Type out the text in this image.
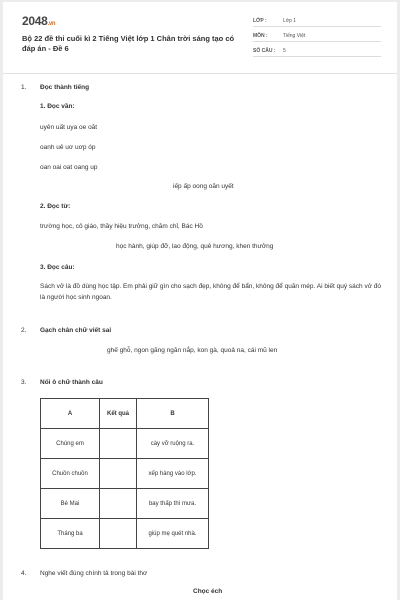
2048.vn
Bộ 22 đề thi cuối kì 2 Tiếng Việt lớp 1 Chân trời sáng tạo có đáp án - Đề 6
LỚP :	Lớp 1
MÔN :	Tiếng Việt
SỐ CÂU : 5
1. Đọc thành tiếng
1. Đọc vần:
uyên uất uya oe oăt
oanh uê uơ uơp óp
oan oai oat oang up
iếp ấp oong oăn uyết
2. Đọc từ:
trường học, cô giáo, thầy hiệu trưởng, chăm chỉ, Bác Hồ
học hành, giúp đỡ, lao động, quê hương, khen thưởng
3. Đọc câu:
Sách vở là đồ dùng học tập. Em phải giữ gìn cho sạch đẹp, không để bẩn, không để quăn mép. Ai biết quý sách vở đó là người học sinh ngoan.
2. Gạch chân chữ viết sai
ghế ghỗ, ngon găng ngăn nắp, kon gà, quoả na, cái mũ len
3. Nối ô chữ thành câu
A	Kết quả	B
Chúng em		cày vỡ ruộng ra.
Chuồn chuồn		xếp hàng vào lớp.
Bé Mai		bay thấp thì mưa.
Tháng ba		giúp mẹ quét nhà.
4. Nghe viết đúng chính tả trong bài thơ
Chọc éch
